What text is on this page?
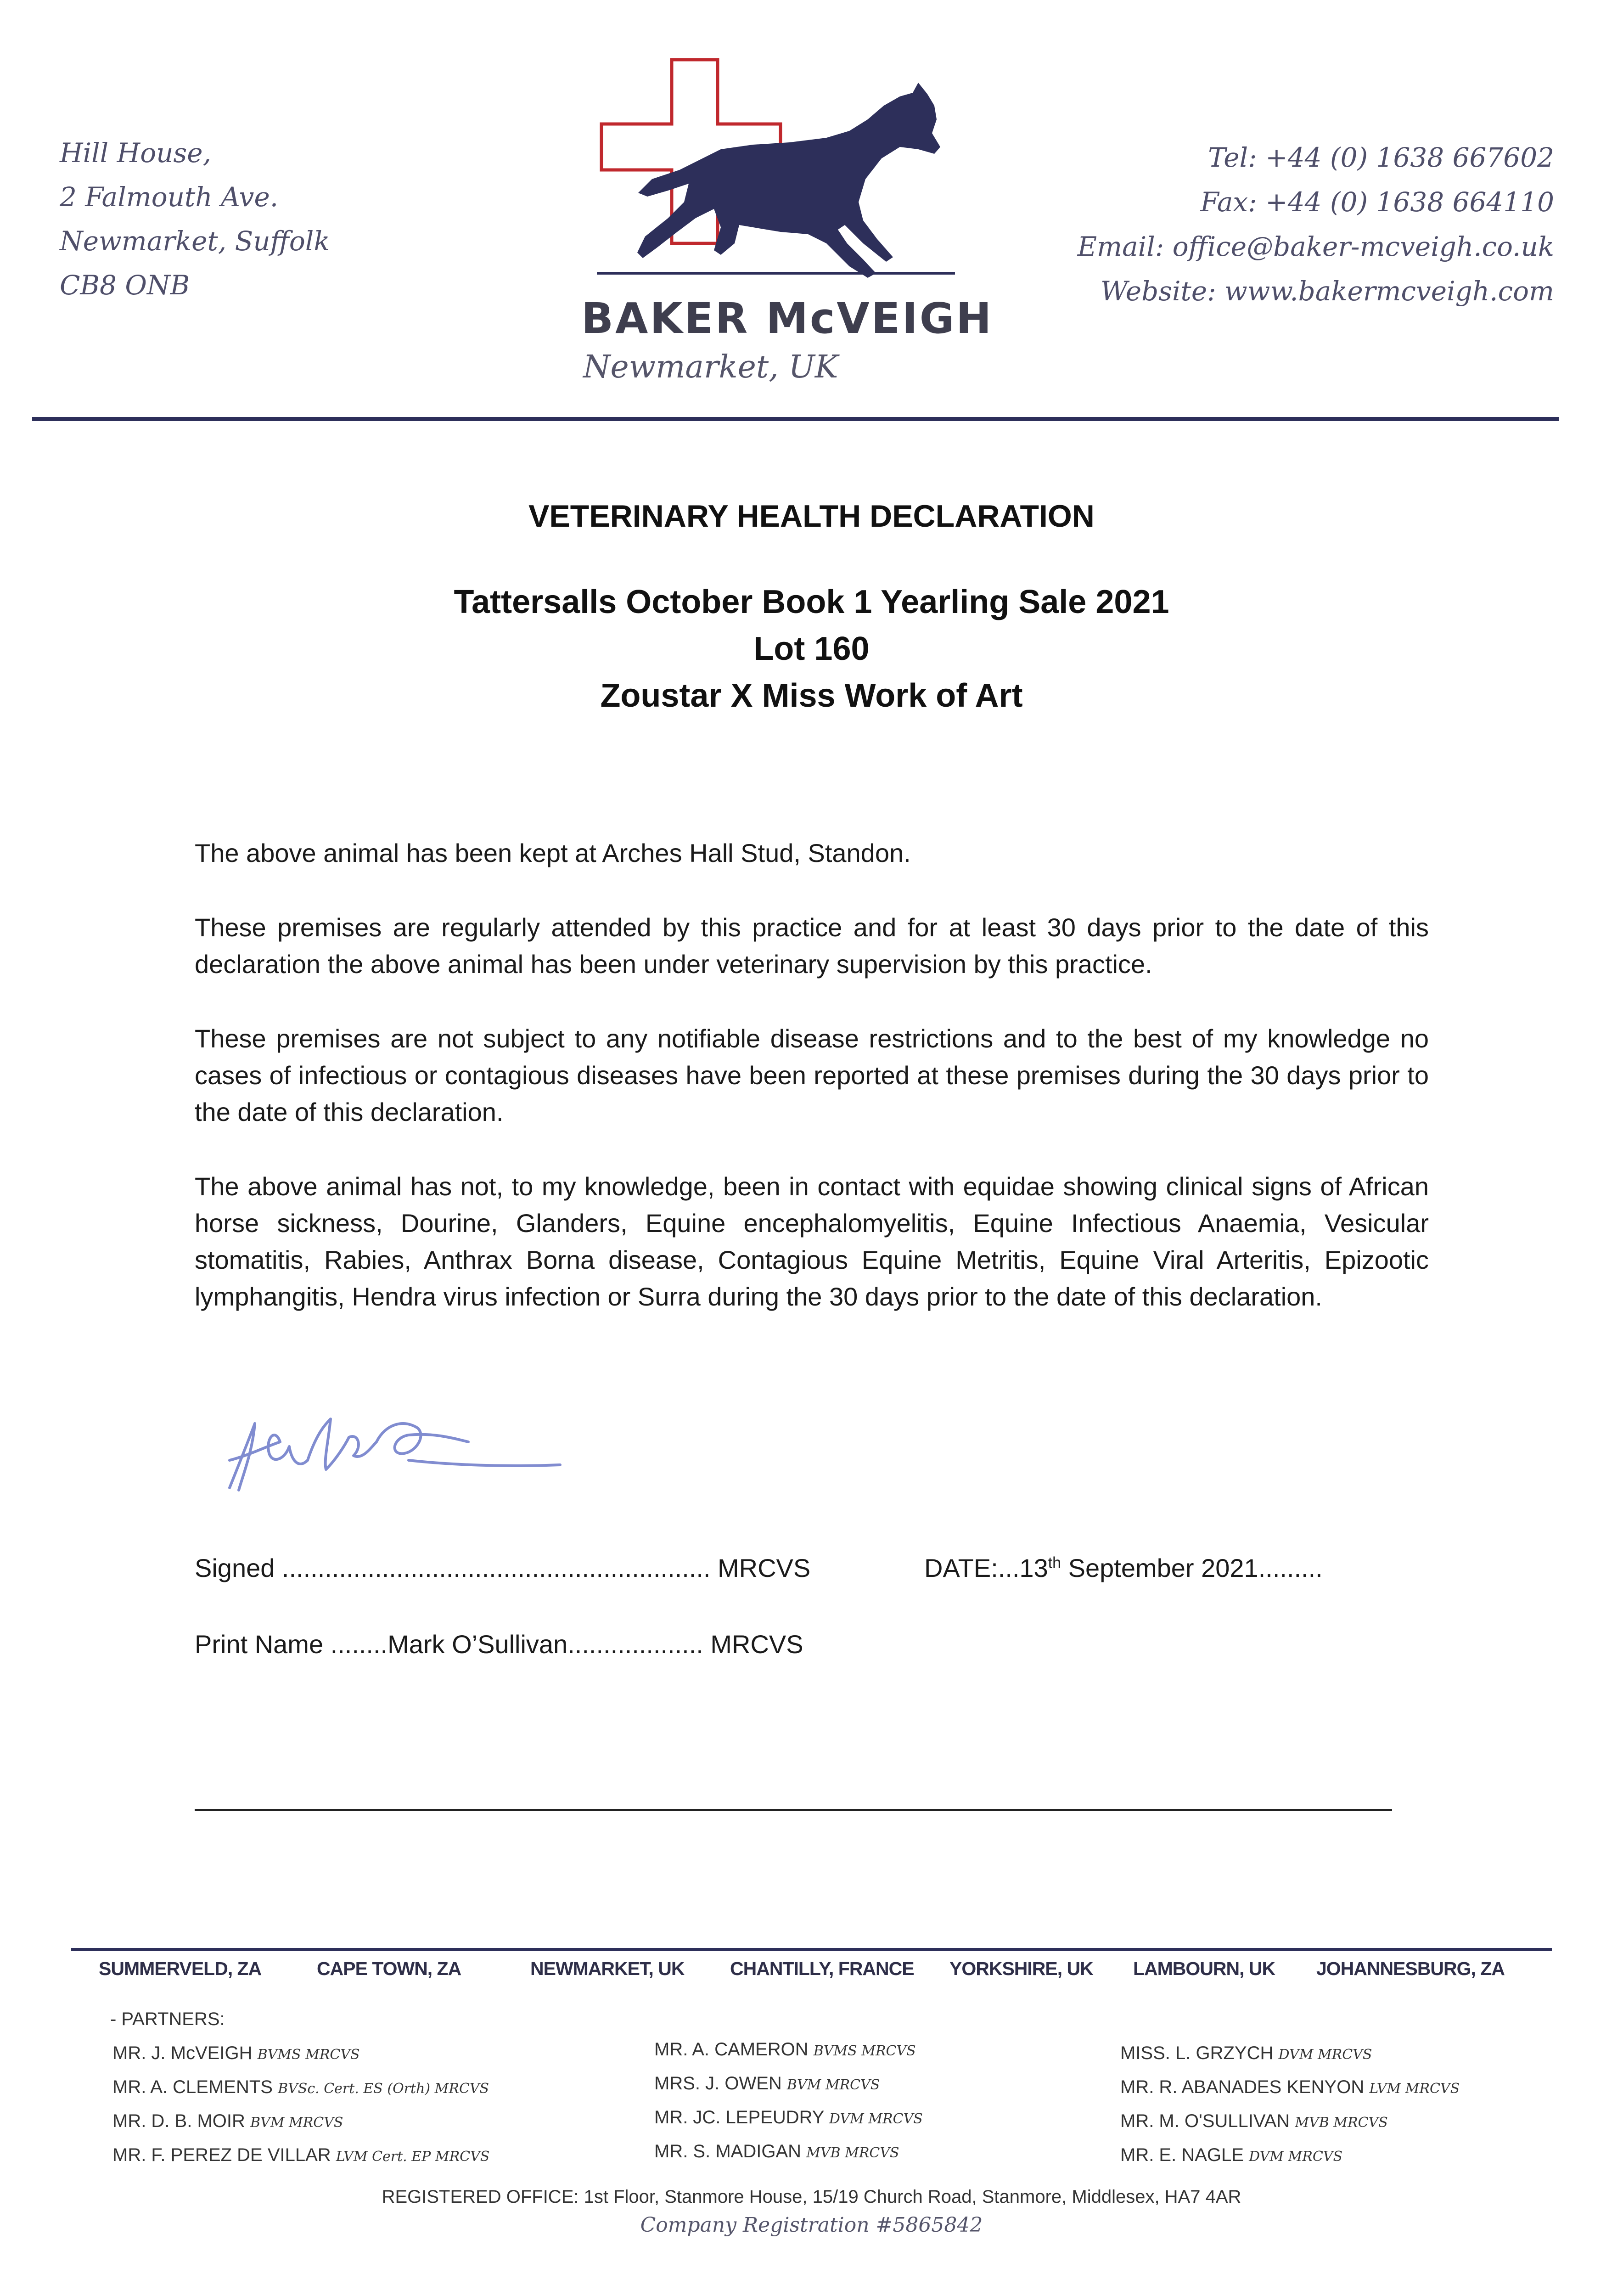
Hill House,
2 Falmouth Ave.
Newmarket, Suffolk
CB8 ONB
BAKER McVEIGH
Newmarket, UK
Tel: +44 (0) 1638 667602
Fax: +44 (0) 1638 664110
Email: office@baker-mcveigh.co.uk
Website: www.bakermcveigh.com
VETERINARY HEALTH DECLARATION
Tattersalls October Book 1 Yearling Sale 2021
Lot 160
Zoustar X Miss Work of Art

The above animal has been kept at Arches Hall Stud, Standon.

These premises are regularly attended by this practice and for at least 30 days prior to the date of this declaration the above animal has been under veterinary supervision by this practice.

These premises are not subject to any notifiable disease restrictions and to the best of my knowledge no cases of infectious or contagious diseases have been reported at these premises during the 30 days prior to the date of this declaration.

The above animal has not, to my knowledge, been in contact with equidae showing clinical signs of African horse sickness, Dourine, Glanders, Equine encephalomyelitis, Equine Infectious Anaemia, Vesicular stomatitis, Rabies, Anthrax Borna disease, Contagious Equine Metritis, Equine Viral Arteritis, Epizootic lymphangitis, Hendra virus infection or Surra during the 30 days prior to the date of this declaration.

Signed ............................................................ MRCVS	DATE:...13th September 2021.........
Print Name ........Mark O’Sullivan................... MRCVS
SUMMERVELD, ZA	CAPE TOWN, ZA	NEWMARKET, UK CHANTILLY, FRANCE YORKSHIRE, UK LAMBOURN, UK JOHANNESBURG, ZA
- PARTNERS:
MR. J. McVEIGH BVMS MRCVS
MR. A. CLEMENTS BVSc. Cert. ES (Orth) MRCVS
MR. D. B. MOIR BVM MRCVS
MR. F. PEREZ DE VILLAR LVM Cert. EP MRCVS
MR. A. CAMERON BVMS MRCVS
MRS. J. OWEN BVM MRCVS
MR. JC. LEPEUDRY DVM MRCVS
MR. S. MADIGAN MVB MRCVS
MISS. L. GRZYCH DVM MRCVS
MR. R. ABANADES KENYON LVM MRCVS
MR. M. O'SULLIVAN MVB MRCVS
MR. E. NAGLE DVM MRCVS
REGISTERED OFFICE: 1st Floor, Stanmore House, 15/19 Church Road, Stanmore, Middlesex, HA7 4AR
Company Registration #5865842
